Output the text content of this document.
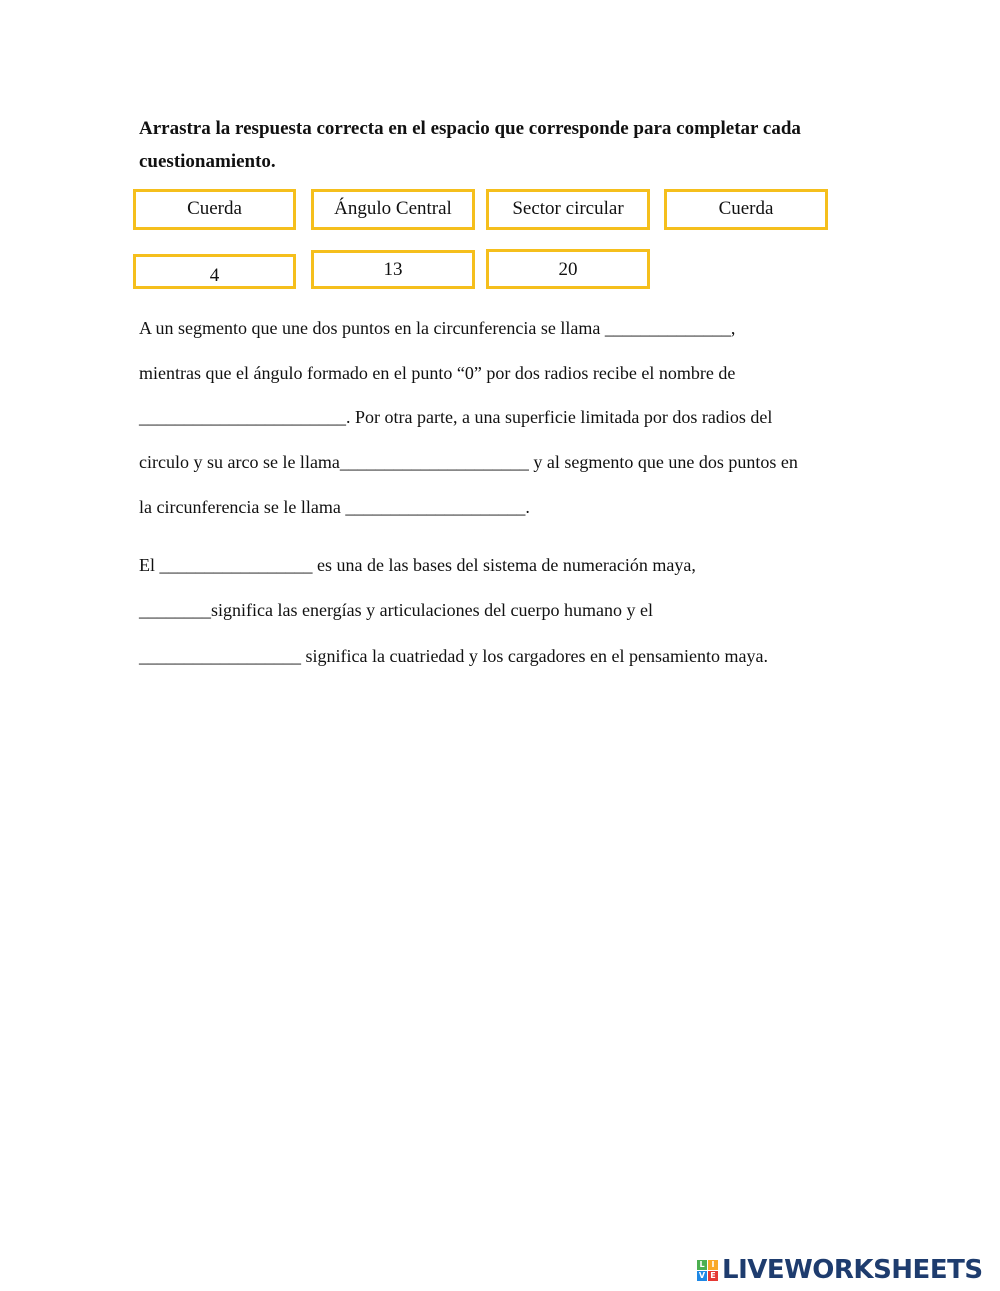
Arrastra la respuesta correcta en el espacio que corresponde para completar cada cuestionamiento.

Cuerda	Ángulo Central	Sector circular	Cuerda
4	13	20

A un segmento que une dos puntos en la circunferencia se llama ______________,

mientras que el ángulo formado en el punto “0” por dos radios recibe el nombre de

_______________________. Por otra parte, a una superficie limitada por dos radios del

circulo y su arco se le llama_____________________ y al segmento que une dos puntos en

la circunferencia se le llama ____________________.

El _________________ es una de las bases del sistema de numeración maya,

________significa las energías y articulaciones del cuerpo humano y el

__________________ significa la cuatriedad y los cargadores en el pensamiento maya.

L I
V E LIVEWORKSHEETS
